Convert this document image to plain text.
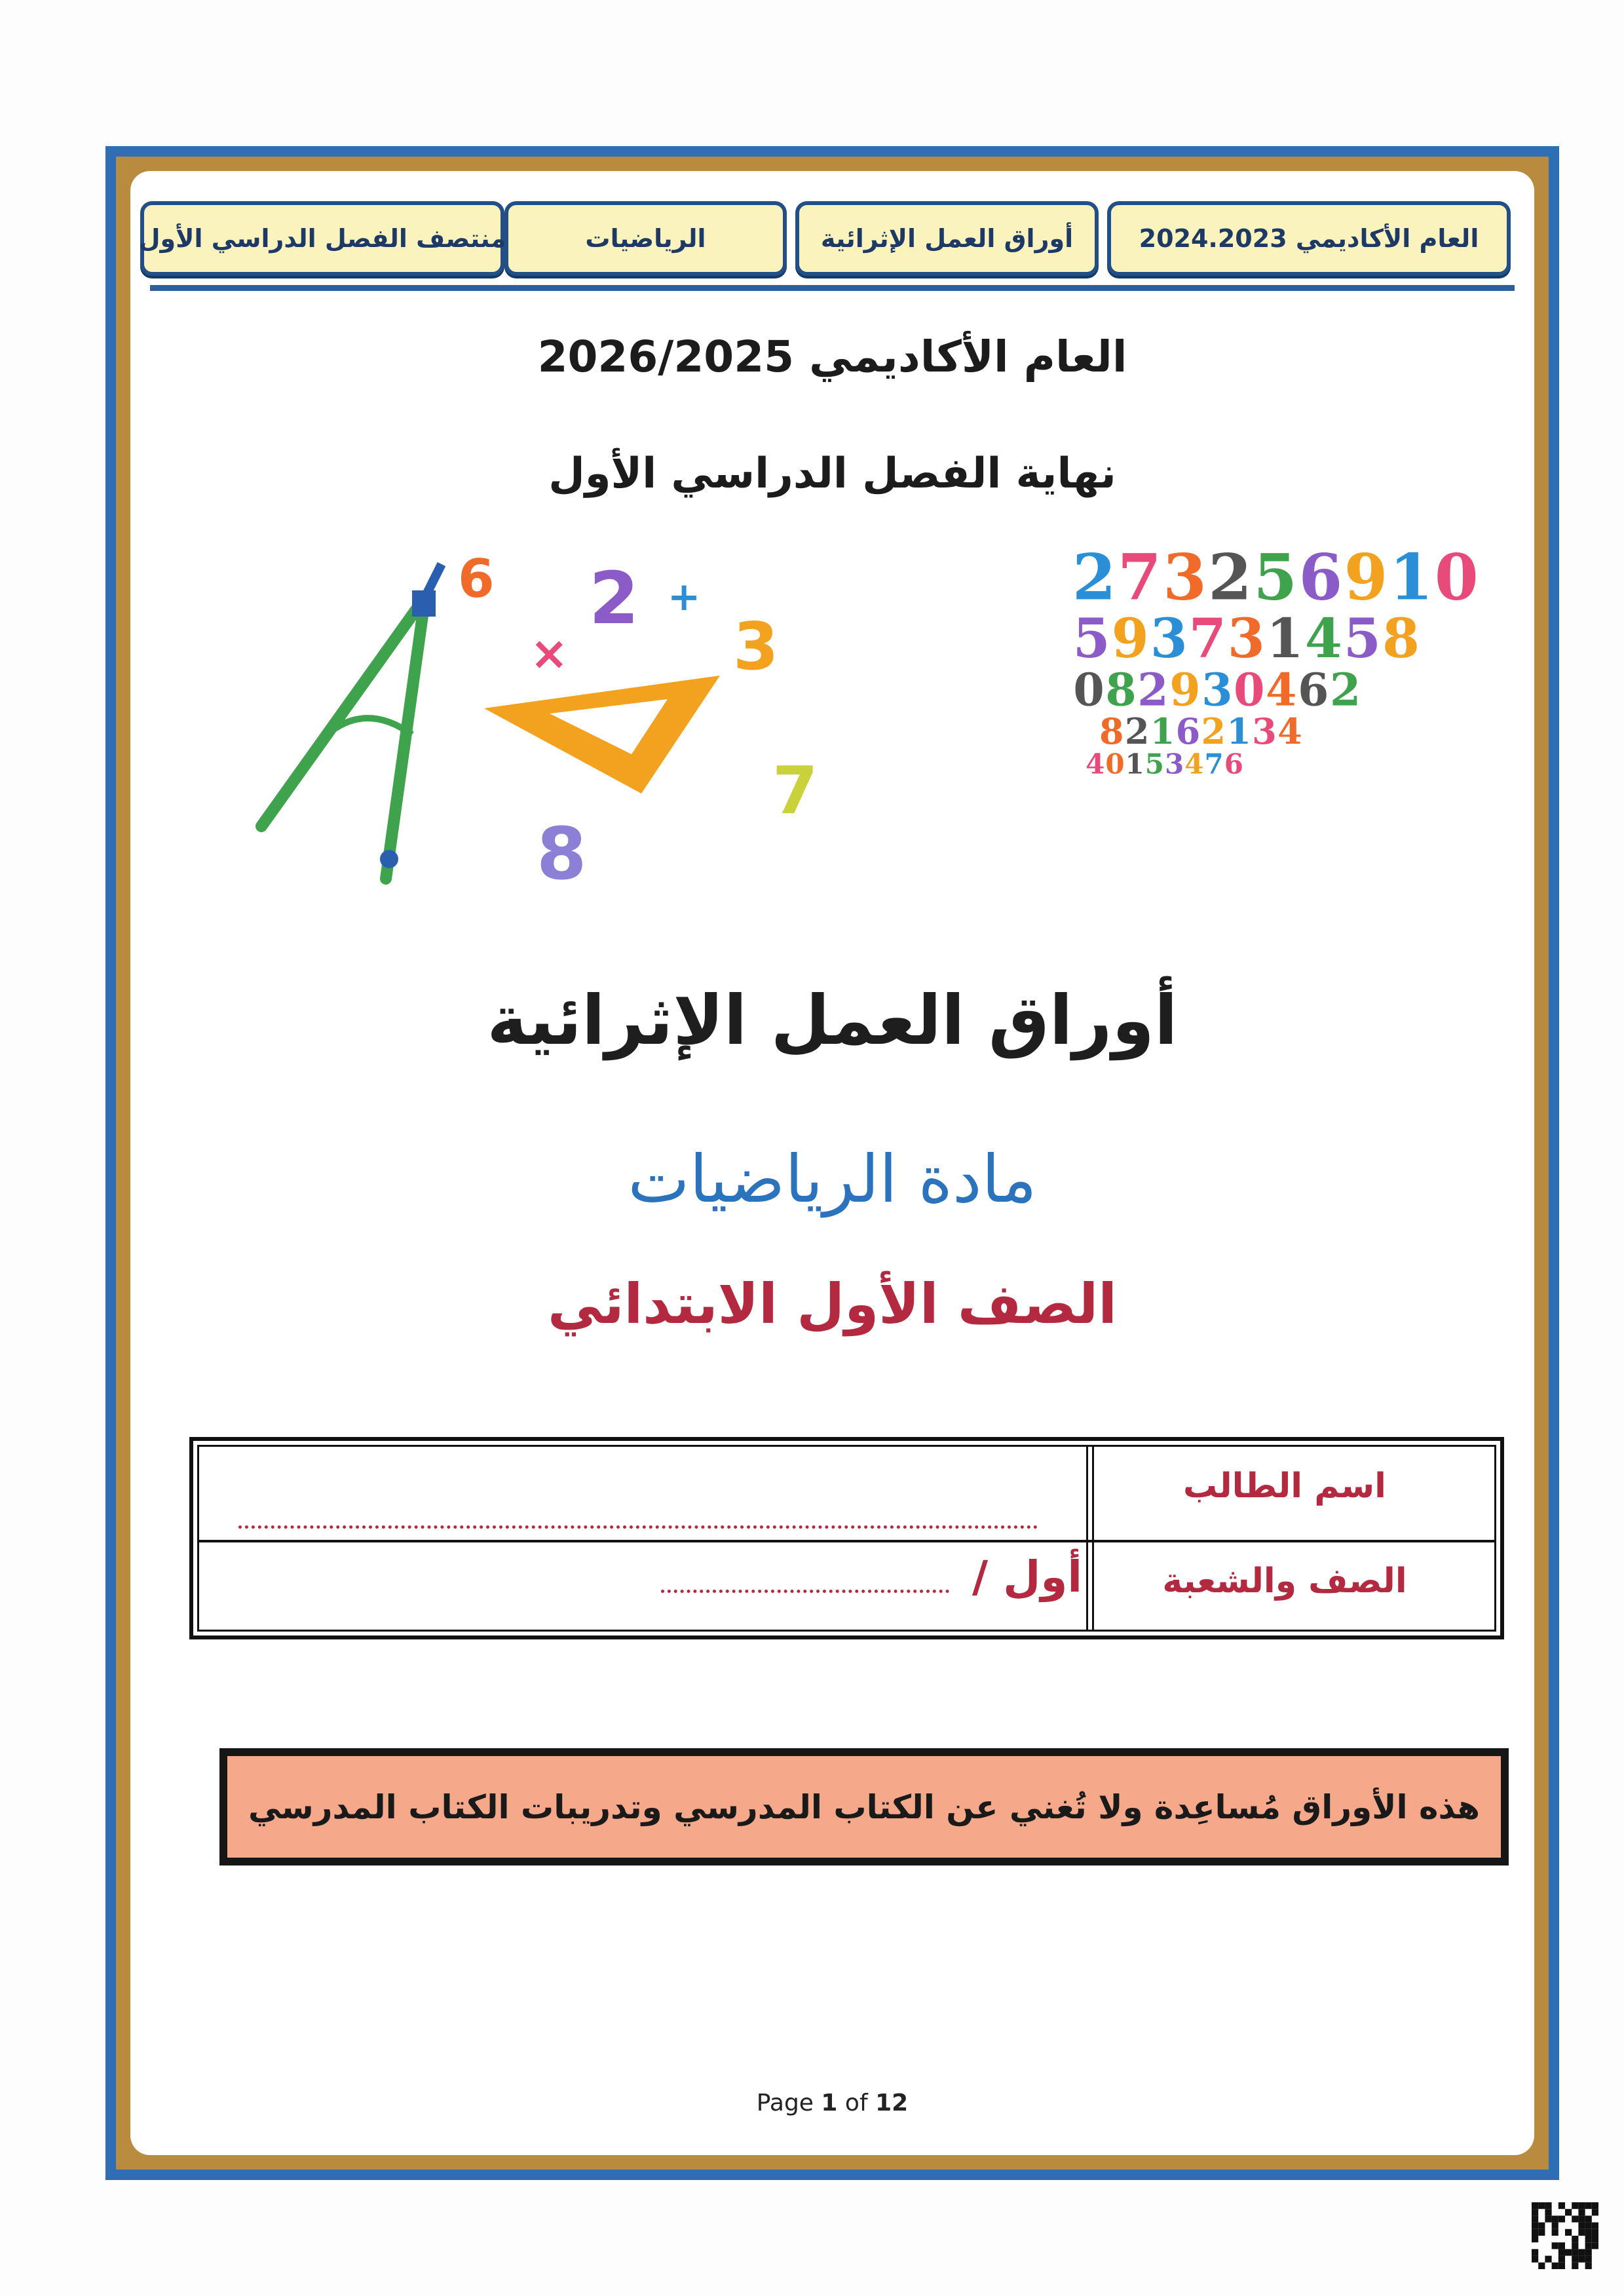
العام الأكاديمي 2024.2023
أوراق العمل الإثرائية
الرياضيات
منتصف الفصل الدراسي الأول
العام الأكاديمي 2026/2025
نهاية الفصل الدراسي الأول
6 2 +
3
×
8
7
0
1
9
6
5
2
3
7
2
8
5
4
1
3
7
3
9
5
2
6
4
0
3
9
2
8
0
4
3
1
2
6
1
2
8
6
7
4
3
5
1
0
4
أوراق العمل الإثرائية
مادة الرياضيات
الصف الأول الابتدائي
اسم الطالب
الصف والشعبة
أول /
هذه الأوراق مُساعِدة ولا تُغني عن الكتاب المدرسي وتدريبات الكتاب المدرسي
Page 1 of 12
